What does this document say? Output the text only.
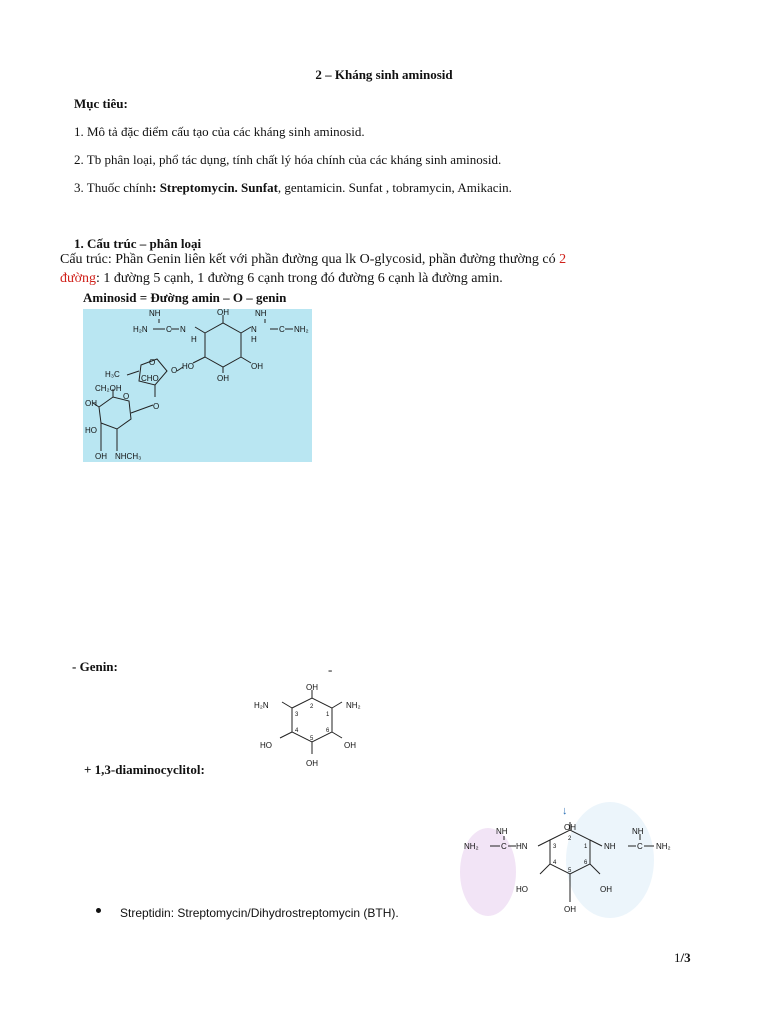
2 – Kháng sinh aminosid
Mục tiêu:
1. Mô tả đặc điểm cấu tạo của các kháng sinh aminosid.
2. Tb phân loại, phổ tác dụng, tính chất lý hóa chính của các kháng sinh aminosid.
3. Thuốc chính: Streptomycin. Sunfat, gentamicin. Sunfat , tobramycin, Amikacin.
1. Cấu trúc – phân loại
Cấu trúc: Phần Genin liên kết với phần đường qua lk O-glycosid, phần đường thường có 2
đường: 1 đường 5 cạnh, 1 đường 6 cạnh trong đó đường 6 cạnh là đường amin.
Aminosid = Đường amin – O – genin
NH
H₂N C N
OH	NH
N	C NH₂
H	H
HO	OH
OH
O
O
H₃C	CHO
O
CH₂OH
OH
O
HO
OH NHCH₃
- Genin:	-
OH
H₂N	NH₂
HO	OH
OH
1
2
3
4
5
6
+ 1,3-diaminocyclitol:
↓
OH
NH
NH₂	C HN	NH
NH
C NH₂
HO	OH
OH
1
2
3
4
5
6
Streptidin: Streptomycin/Dihydrostreptomycin (BTH).
1/3
